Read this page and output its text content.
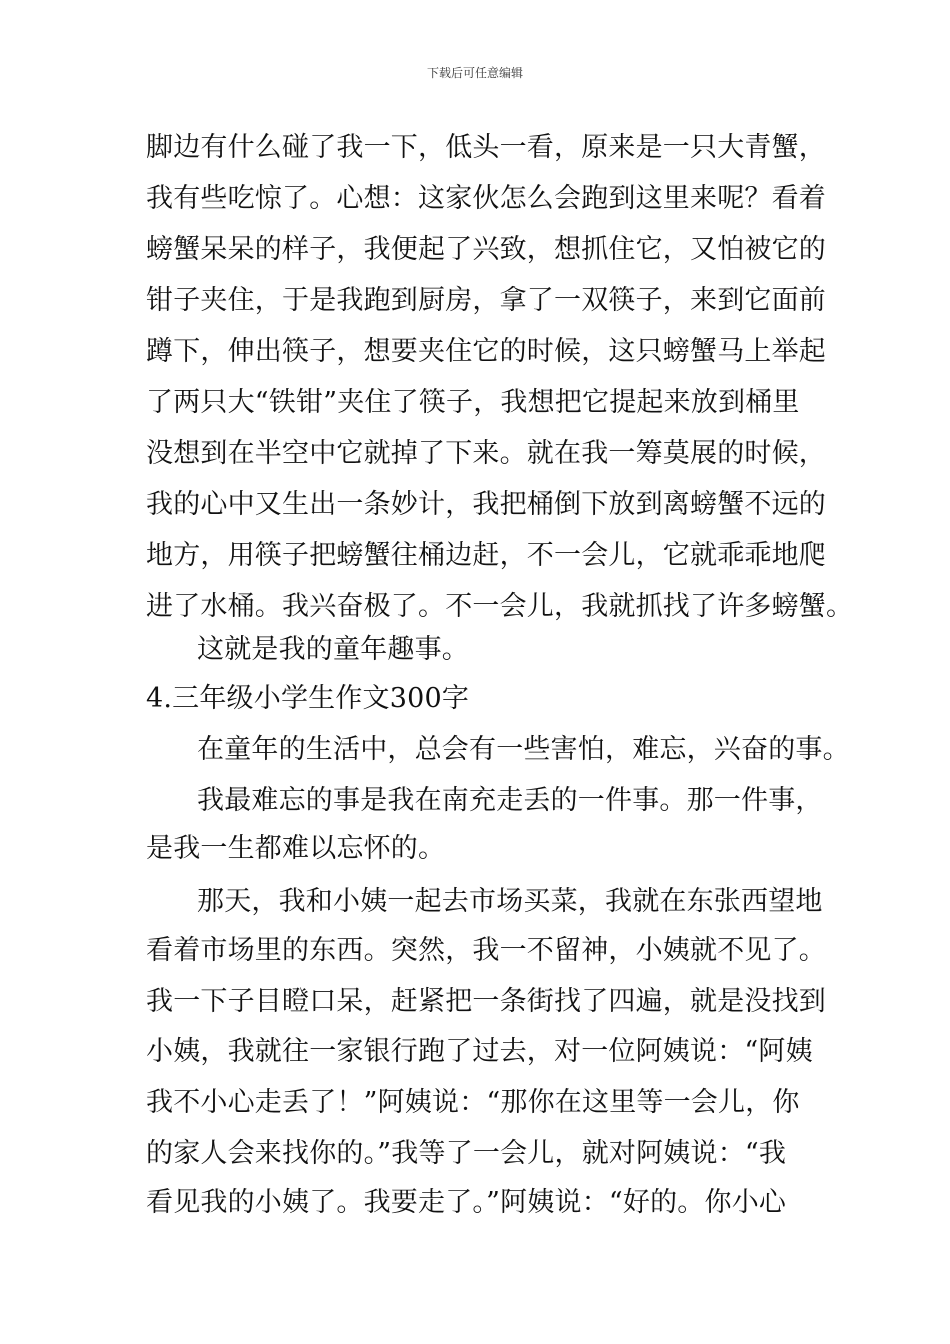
下载后可任意编辑
脚边有什么碰了我一下，低头一看，原来是一只大青蟹，
我有些吃惊了。心想：这家伙怎么会跑到这里来呢？看着
螃蟹呆呆的样子，我便起了兴致，想抓住它，又怕被它的
钳子夹住，于是我跑到厨房，拿了一双筷子，来到它面前
蹲下，伸出筷子，想要夹住它的时候，这只螃蟹马上举起
了两只大“铁钳”夹住了筷子，我想把它提起来放到桶里
没想到在半空中它就掉了下来。就在我一筹莫展的时候，
我的心中又生出一条妙计，我把桶倒下放到离螃蟹不远的
地方，用筷子把螃蟹往桶边赶，不一会儿，它就乖乖地爬
进了水桶。我兴奋极了。不一会儿，我就抓找了许多螃蟹。
这就是我的童年趣事。
4.三年级小学生作文300字
在童年的生活中，总会有一些害怕，难忘，兴奋的事。
我最难忘的事是我在南充走丢的一件事。那一件事，
是我一生都难以忘怀的。
那天，我和小姨一起去市场买菜，我就在东张西望地
看着市场里的东西。突然，我一不留神，小姨就不见了。
我一下子目瞪口呆，赶紧把一条街找了四遍，就是没找到
小姨，我就往一家银行跑了过去，对一位阿姨说：“阿姨
我不小心走丢了！”阿姨说：“那你在这里等一会儿，你
的家人会来找你的。”我等了一会儿，就对阿姨说：“我
看见我的小姨了。我要走了。”阿姨说：“好的。你小心
